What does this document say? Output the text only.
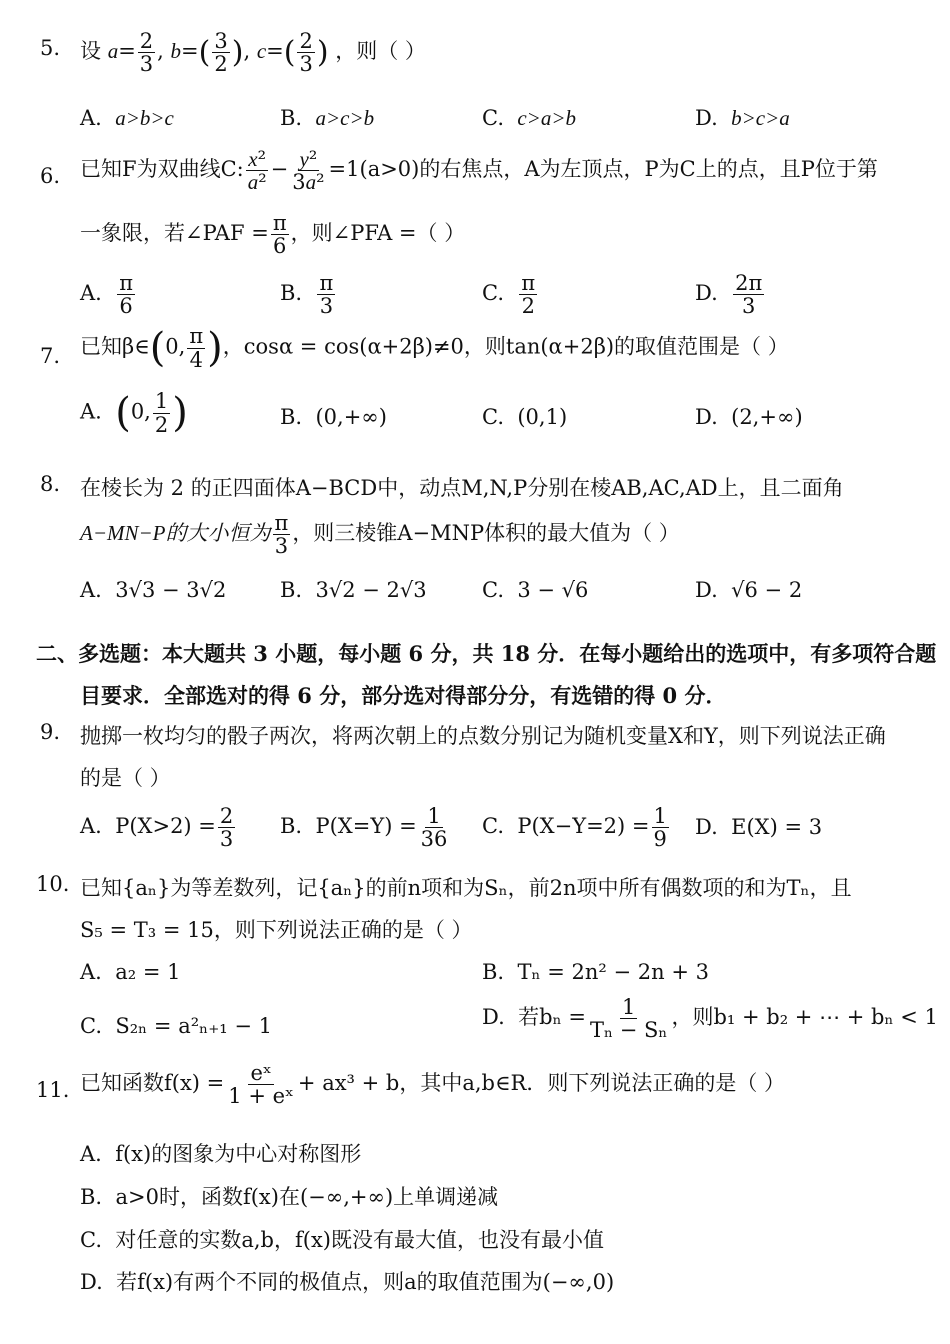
5. 设 $a= \frac{2}{3}$ , $b=( \frac{3}{2}$ ), $c=( \frac{2}{3}$ ) ，则（ ）
A.  a>b>c	B.  a>c>b	C.  c>a>b	D.  b>c>a
6. 已知F为双曲线C: $\frac{\text{x²}}{\text{a²}} - \frac{\text{y²}}{\text{3a²}} =1(a>0)$的右焦点，A为左顶点，P为C上的点，且P位于第
一象限，若∠PAF = $\frac{\pi}{6}$ ，则∠PFA =（ ）
A. $\frac{\pi}{6}$	B. $\frac{\pi}{3}$	C. $\frac{\pi}{2}$	D. $\frac{2\pi}{3}$
7. 已知β∈(0, $\frac{\pi}{4}$ )，cosα = cos(α+2β)≠0，则tan(α+2β)的取值范围是（ ）
A.  (0, $\frac{1}{2}$ )	B.  (0,+∞)	C.  (0,1)	D.  (2,+∞)
8. 在棱长为 2 的正四面体A−BCD中，动点M,N,P分别在棱AB,AC,AD上，且二面角
A−MN−P的大小恒为 $\frac{\pi}{3}$ ，则三棱锥A−MNP体积的最大值为（ ）
A.  3√3 − 3√2	B.  3√2 − 2√3	C.  3 − √6	D.  √6 − 2
二、多选题：本大题共 3 小题，每小题 6 分，共 18 分．在每小题给出的选项中，有多项符合题
目要求．全部选对的得 6 分，部分选对得部分分，有选错的得 0 分．
9. 抛掷一枚均匀的骰子两次，将两次朝上的点数分别记为随机变量X和Y，则下列说法正确
的是（ ）
A.  $P(X>2) = \frac{2}{3} B$.  $P(X=Y) = \frac{1}{36} C$.  $P(X-Y=2) = \frac{1}{9} D$.  E(X) = 3
10. 已知{aₙ}为等差数列，记{aₙ}的前n项和为Sₙ，前2n项中所有偶数项的和为Tₙ，且
S₅ = T₃ = 15，则下列说法正确的是（ ）
A.  a₂ = 1	B.  Tₙ = 2n² − 2n + 3
C.  S₂ₙ = a²ₙ₊₁ − 1	D.  若$b_n = \frac{1}{\text{Tₙ − Sₙ}}$ ，则b₁ + b₂ + ⋯ + bₙ < 1
11. 已知函数$f(x) = \frac{\text{eˣ}}{\text{1 + eˣ}} + ax^3 + b$，其中a,b∈R．则下列说法正确的是（ ）
A.  f(x)的图象为中心对称图形
B.  a>0时，函数f(x)在(−∞,+∞)上单调递减
C.  对任意的实数a,b，f(x)既没有最大值，也没有最小值
D.  若f(x)有两个不同的极值点，则a的取值范围为(−∞,0)
